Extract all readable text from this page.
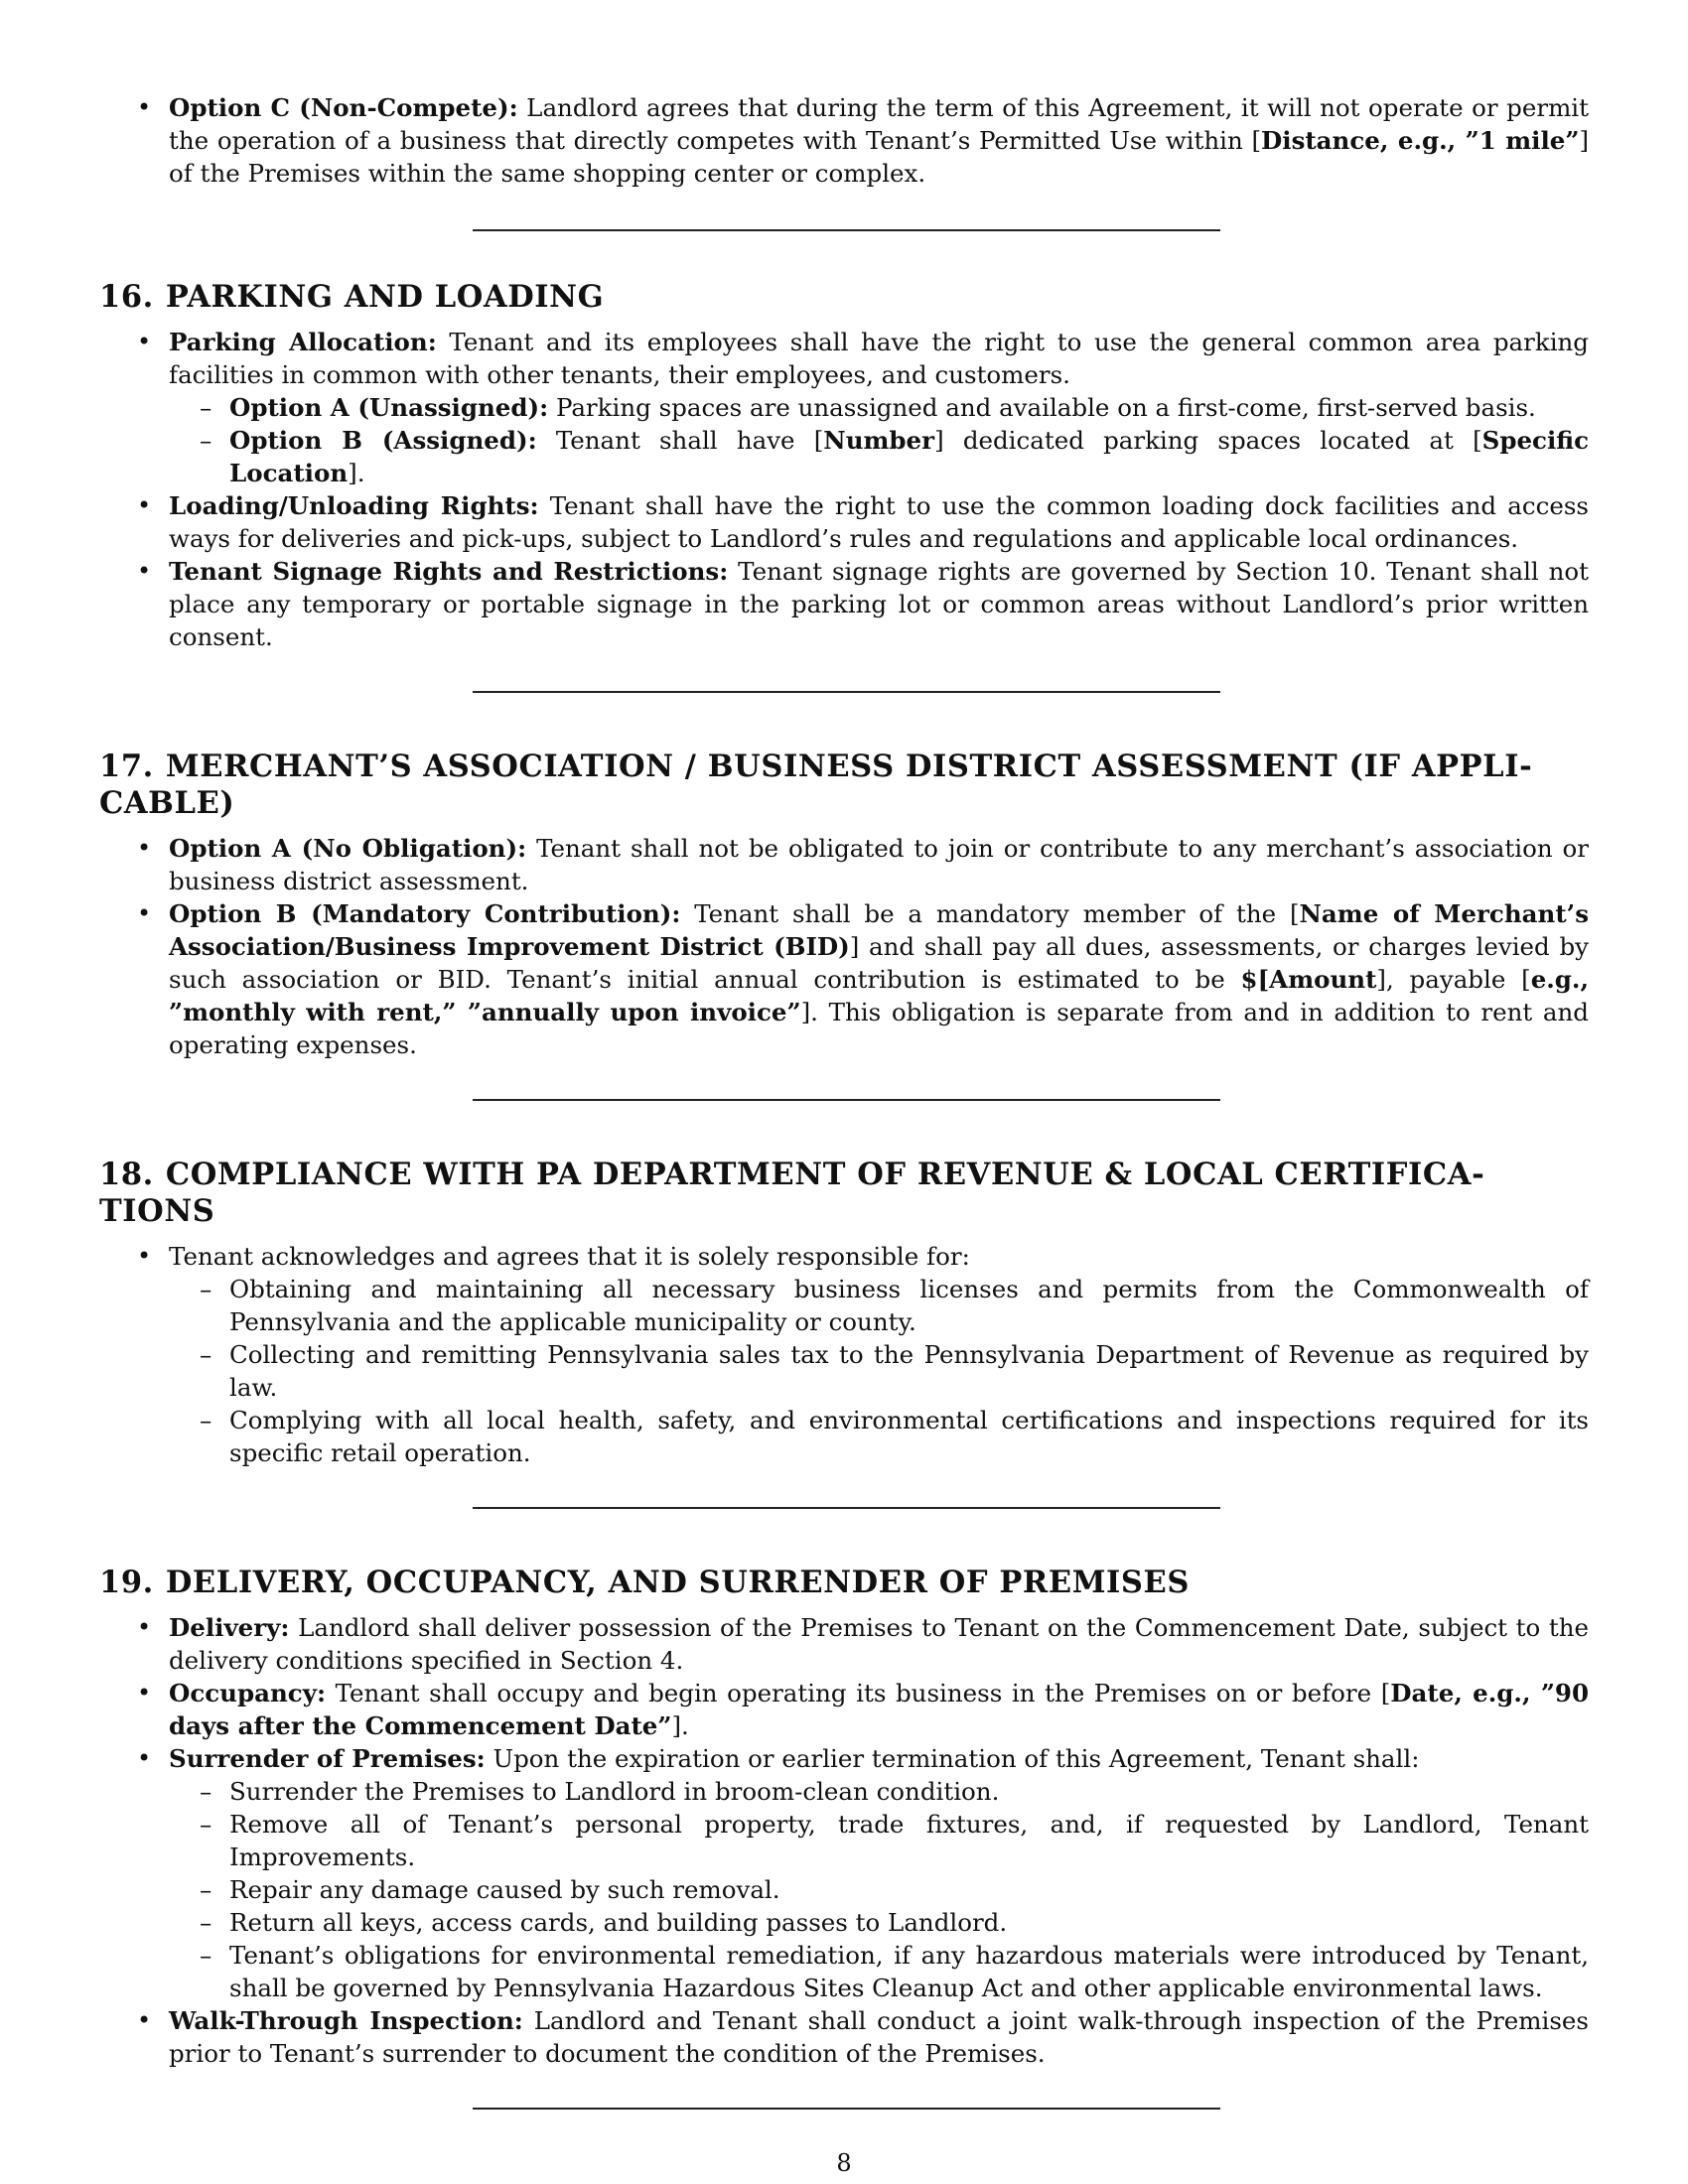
• Option C (Non-Compete): Landlord agrees that during the term of this Agreement, it will not operate or permit the operation of a business that directly competes with Tenant’s Permitted Use within [Distance, e.g., ”1 mile”] of the Premises within the same shopping center or complex.
16. PARKING AND LOADING
• Parking Allocation: Tenant and its employees shall have the right to use the general common area parking facilities in common with other tenants, their employees, and customers.
– Option A (Unassigned): Parking spaces are unassigned and available on a first-come, first-served basis.
– Option B (Assigned): Tenant shall have [Number] dedicated parking spaces located at [Specific Location].
• Loading/Unloading Rights: Tenant shall have the right to use the common loading dock facilities and access ways for deliveries and pick-ups, subject to Landlord’s rules and regulations and applicable local ordinances.
• Tenant Signage Rights and Restrictions: Tenant signage rights are governed by Section 10. Tenant shall not place any temporary or portable signage in the parking lot or common areas without Landlord’s prior written consent.
17. MERCHANT’S ASSOCIATION / BUSINESS DISTRICT ASSESSMENT (IF APPLI-CABLE)
• Option A (No Obligation): Tenant shall not be obligated to join or contribute to any merchant’s association or business district assessment.
• Option B (Mandatory Contribution): Tenant shall be a mandatory member of the [Name of Merchant’s Association/Business Improvement District (BID)] and shall pay all dues, assessments, or charges levied by such association or BID. Tenant’s initial annual contribution is estimated to be $[Amount], payable [e.g., ”monthly with rent,” ”annually upon invoice”]. This obligation is separate from and in addition to rent and operating expenses.
18. COMPLIANCE WITH PA DEPARTMENT OF REVENUE & LOCAL CERTIFICA-TIONS
• Tenant acknowledges and agrees that it is solely responsible for:
– Obtaining and maintaining all necessary business licenses and permits from the Commonwealth of Pennsylvania and the applicable municipality or county.
– Collecting and remitting Pennsylvania sales tax to the Pennsylvania Department of Revenue as required by law.
– Complying with all local health, safety, and environmental certifications and inspections required for its specific retail operation.
19. DELIVERY, OCCUPANCY, AND SURRENDER OF PREMISES
• Delivery: Landlord shall deliver possession of the Premises to Tenant on the Commencement Date, subject to the delivery conditions specified in Section 4.
• Occupancy: Tenant shall occupy and begin operating its business in the Premises on or before [Date, e.g., ”90 days after the Commencement Date”].
• Surrender of Premises: Upon the expiration or earlier termination of this Agreement, Tenant shall:
– Surrender the Premises to Landlord in broom-clean condition.
– Remove all of Tenant’s personal property, trade fixtures, and, if requested by Landlord, Tenant Improvements.
– Repair any damage caused by such removal.
– Return all keys, access cards, and building passes to Landlord.
– Tenant’s obligations for environmental remediation, if any hazardous materials were introduced by Tenant, shall be governed by Pennsylvania Hazardous Sites Cleanup Act and other applicable environmental laws.
• Walk-Through Inspection: Landlord and Tenant shall conduct a joint walk-through inspection of the Premises prior to Tenant’s surrender to document the condition of the Premises.
8
